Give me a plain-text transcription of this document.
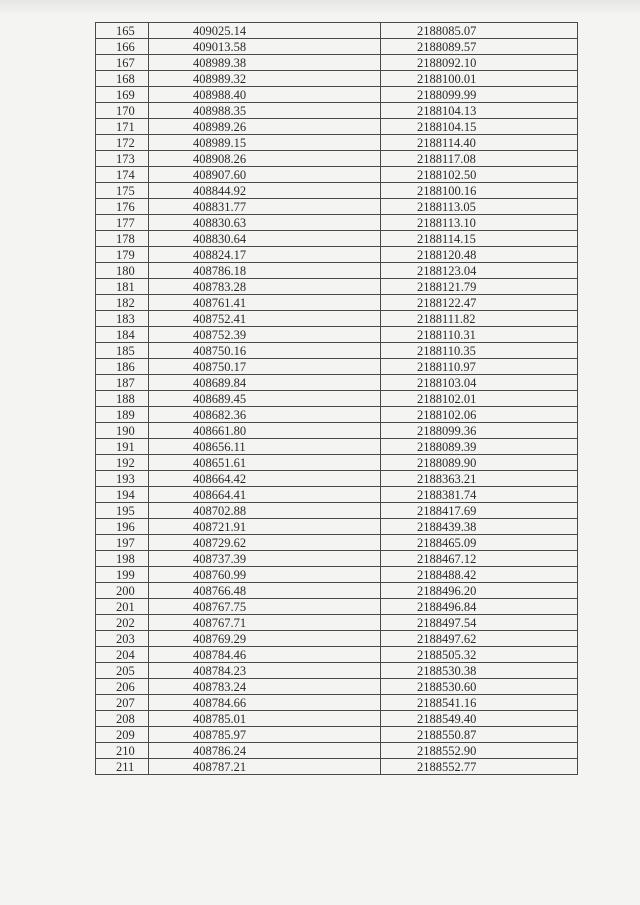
165	409025.14	2188085.07
166	409013.58	2188089.57
167	408989.38	2188092.10
168	408989.32	2188100.01
169	408988.40	2188099.99
170	408988.35	2188104.13
171	408989.26	2188104.15
172	408989.15	2188114.40
173	408908.26	2188117.08
174	408907.60	2188102.50
175	408844.92	2188100.16
176	408831.77	2188113.05
177	408830.63	2188113.10
178	408830.64	2188114.15
179	408824.17	2188120.48
180	408786.18	2188123.04
181	408783.28	2188121.79
182	408761.41	2188122.47
183	408752.41	2188111.82
184	408752.39	2188110.31
185	408750.16	2188110.35
186	408750.17	2188110.97
187	408689.84	2188103.04
188	408689.45	2188102.01
189	408682.36	2188102.06
190	408661.80	2188099.36
191	408656.11	2188089.39
192	408651.61	2188089.90
193	408664.42	2188363.21
194	408664.41	2188381.74
195	408702.88	2188417.69
196	408721.91	2188439.38
197	408729.62	2188465.09
198	408737.39	2188467.12
199	408760.99	2188488.42
200	408766.48	2188496.20
201	408767.75	2188496.84
202	408767.71	2188497.54
203	408769.29	2188497.62
204	408784.46	2188505.32
205	408784.23	2188530.38
206	408783.24	2188530.60
207	408784.66	2188541.16
208	408785.01	2188549.40
209	408785.97	2188550.87
210	408786.24	2188552.90
211	408787.21	2188552.77
